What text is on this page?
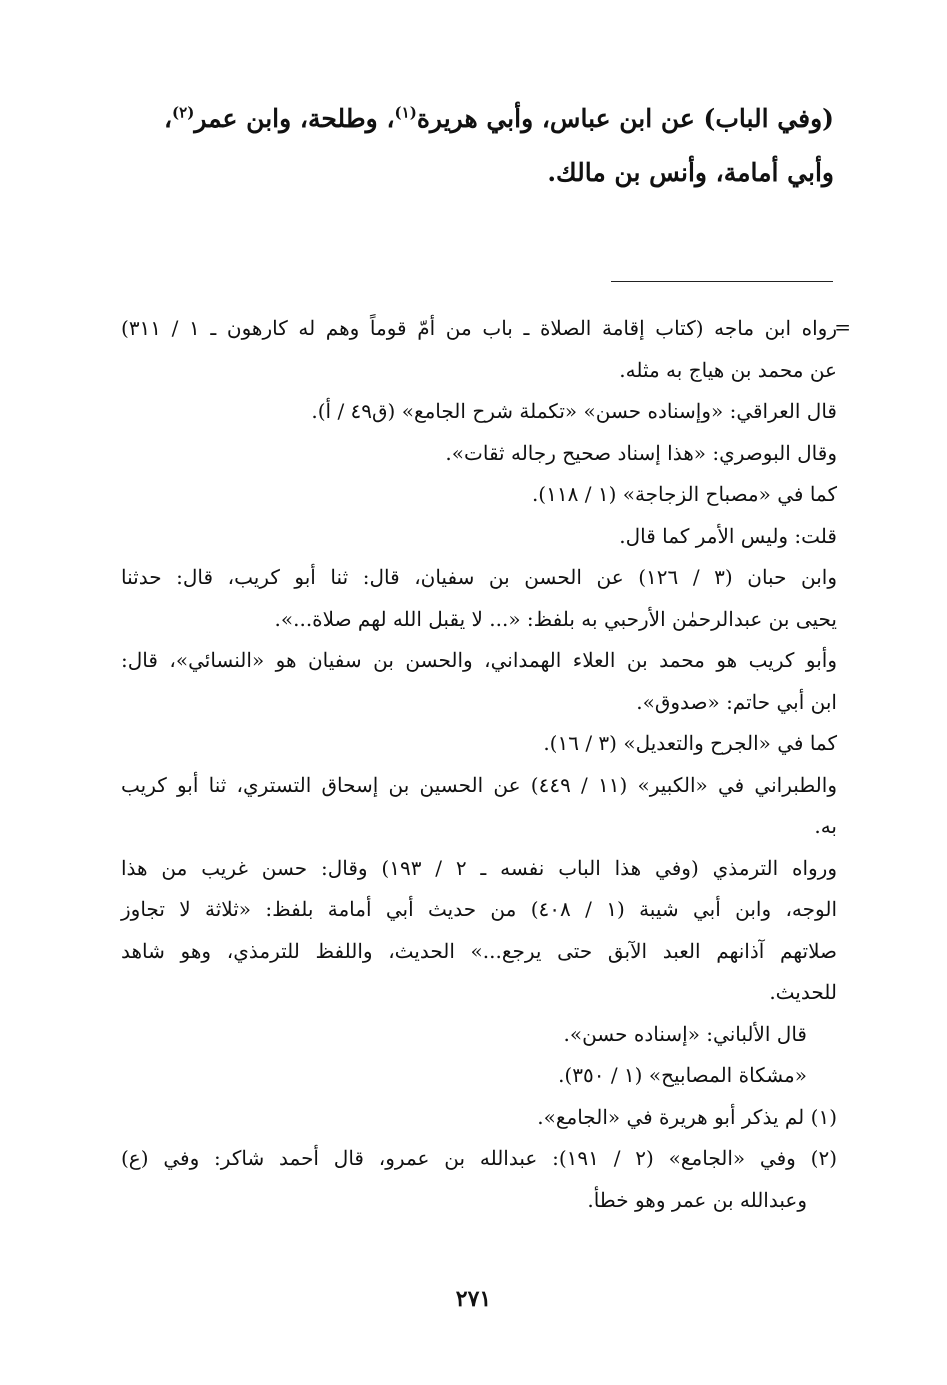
(وفي الباب) عن ابن عباس، وأبي هريرة$^{(١)}$، وطلحة، وابن عمر$^{(٢)}$،

وأبي أمامة، وأنس بن مالك.

=

رواه ابن ماجه (كتاب إقامة الصلاة ـ باب من أمّ قوماً وهم له كارهون ـ ١ / ٣١١)

عن محمد بن هياج به مثله.

قال العراقي: «وإسناده حسن» «تكملة شرح الجامع» (ق٤٩ / أ).

وقال البوصري: «هذا إسناد صحيح رجاله ثقات».

كما في «مصباح الزجاجة» (١ / ١١٨).

قلت: وليس الأمر كما قال.

وابن حبان (٣ / ١٢٦) عن الحسن بن سفيان، قال: ثنا أبو كريب، قال: حدثنا

يحيى بن عبدالرحمٰن الأرحبي به بلفظ: «... لا يقبل الله لهم صلاة...».

وأبو كريب هو محمد بن العلاء الهمداني، والحسن بن سفيان هو «النسائي»، قال:

ابن أبي حاتم: «صدوق».

كما في «الجرح والتعديل» (٣ / ١٦).

والطبراني في «الكبير» (١١ / ٤٤٩) عن الحسين بن إسحاق التستري، ثنا أبو كريب

به.

ورواه الترمذي (وفي هذا الباب نفسه ـ ٢ / ١٩٣) وقال: حسن غريب من هذا

الوجه، وابن أبي شيبة (١ / ٤٠٨) من حديث أبي أمامة بلفظ: «ثلاثة لا تجاوز

صلاتهم آذانهم العبد الآبق حتى يرجع...» الحديث، واللفظ للترمذي، وهو شاهد

للحديث.

قال الألباني: «إسناده حسن».

«مشكاة المصابيح» (١ / ٣٥٠).

(١) لم يذكر أبو هريرة في «الجامع».

(٢) وفي «الجامع» (٢ / ١٩١): عبدالله بن عمرو، قال أحمد شاكر: وفي (ع)

وعبدالله بن عمر وهو خطأ.

٢٧١
